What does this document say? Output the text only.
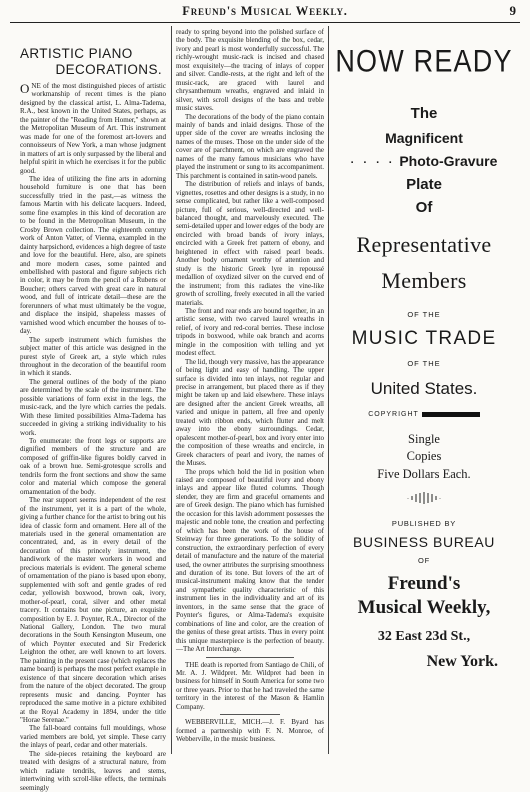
Freund's Musical Weekly.	9
ARTISTIC PIANO
DECORATIONS.

ONE of the most distinguished pieces of artistic workmanship of recent times is the piano designed by the classical artist, L. Alma-Tadema, R.A., best known in the United States, perhaps, as the painter of the "Reading from Homer," shown at the Metropolitan Museum of Art. This instrument was made for one of the foremost art-lovers and connoisseurs of New York, a man whose judgment in matters of art is only surpassed by the liberal and helpful spirit in which he exercises it for the public good.

The idea of utilizing the fine arts in adorning household furniture is one that has been successfully tried in the past,—as witness the famous Martin with his delicate lacquers. Indeed, some fine examples in this kind of decoration are to be found in the Metropolitan Museum, in the Crosby Brown collection. The eighteenth century work of Anton Vatter, of Vienna, exampled in the dainty harpsichord, evidences a high degree of taste and love for the beautiful. Here, also, are spinets and more modern cases, some painted and embellished with pastoral and figure subjects rich in color, it may be from the pencil of a Rubens or Boucher; others carved with great care in natural wood, and full of intricate detail—these are the forerunners of what must ultimately be the vogue, and displace the insipid, shapeless masses of varnished wood which encumber the houses of to-day.

The superb instrument which furnishes the subject matter of this article was designed in the purest style of Greek art, a style which rules throughout in the decoration of the beautiful room in which it stands.

The general outlines of the body of the piano are determined by the scale of the instrument. The possible variations of form exist in the legs, the music-rack, and the lyre which carries the pedals. With these limited possibilities Alma-Tadema has succeeded in giving a striking individuality to his work.

To enumerate: the front legs or supports are dignified members of the structure and are composed of griffin-like figures boldly carved in oak of a brown hue. Semi-grotesque scrolls and tendrils form the front sections and show the same color and material which compose the general ornamentation of the body.

The rear support seems independent of the rest of the instrument, yet it is a part of the whole, giving a further chance for the artist to bring out his idea of classic form and ornament. Here all of the materials used in the general ornamentation are concentrated, and, as in every detail of the decoration of this princely instrument, the handiwork of the master workers in wood and precious materials is evident. The general scheme of ornamentation of the piano is based upon ebony, supplemented with soft and gentle grades of red cedar, yellowish boxwood, brown oak, ivory, mother-of-pearl, coral, silver and other metal tracery. It contains but one picture, an exquisite composition by E. J. Poynter, R.A., Director of the National Gallery, London. The two mural decorations in the South Kensington Museum, one of which Poynter executed and Sir Frederick Leighton the other, are well known to art lovers. The painting in the present case (which replaces the name board) is perhaps the most perfect example in existence of that sincere decoration which arises from the nature of the object decorated. The group represents music and dancing. Poynter has reproduced the same motive in a picture exhibited at the Royal Academy in 1894, under the title "Horae Serenae."

The fall-board contains full mouldings, whose varied members are bold, yet simple. These carry the inlays of pearl, cedar and other materials.

The side-pieces retaining the keyboard are treated with designs of a structural nature, from which radiate tendrils, leaves and stems, intertwining with scroll-like effects, the terminals seemingly

ready to spring beyond into the polished surface of the body. The exquisite blending of the box, cedar, ivory and pearl is most wonderfully successful. The richly-wrought music-rack is incised and chased most exquisitely—the tracing of inlays of copper and silver. Candle-rests, at the right and left of the music-rack, are graced with laurel and chrysanthemum wreaths, engraved and inlaid in silver, with scroll designs of the bass and treble music staves.

The decorations of the body of the piano contain mainly of bands and inlaid designs. Those of the upper side of the cover are wreaths inclosing the names of the muses. Those on the under side of the cover are of parchment, on which are engraved the names of the many famous musicians who have played the instrument or sung to its accompaniment. This parchment is contained in satin-wood panels.

The distribution of reliefs and inlays of bands, vignettes, rosettes and other designs is a study, in no sense complicated, but rather like a well-composed picture, full of serious, well-directed and well-balanced thought, and marvelously executed. The semi-detailed upper and lower edges of the body are encircled with broad bands of ivory inlays, encircled with a Greek fret pattern of ebony, and heightened in effect with raised pearl beads. Another body ornament worthy of attention and study is the historic Greek lyre in repoussé medallion of oxydized silver on the curved end of the instrument; from this radiates the vine-like growth of scrolling, freely executed in all the varied materials.

The front and rear ends are bound together, in an artistic sense, with two carved laurel wreaths in relief, of ivory and red-coral berries. These inclose tripods in boxwood, while oak branch and acorns mingle in the composition with telling and yet modest effect.

The lid, though very massive, has the appearance of being light and easy of handling. The upper surface is divided into ten inlays, not regular and precise in arrangement, but placed there as if they might be taken up and laid elsewhere. These inlays are designed after the ancient Greek wreaths, all varied and unique in pattern, all free and openly treated with ribbon ends, which flutter and melt away into the ebony surroundings. Cedar, opalescent mother-of-pearl, box and ivory enter into the composition of these wreaths and encircle, in Greek characters of pearl and ivory, the names of the Muses.

The props which hold the lid in position when raised are composed of beautiful ivory and ebony inlays and appear like fluted columns. Though slender, they are firm and graceful ornaments and are of Greek design. The piano which has furnished the occasion for this lavish adornment possesses the majestic and noble tone, the creation and perfecting of which has been the work of the house of Steinway for three generations. To the solidity of construction, the extraordinary perfection of every detail of manufacture and the nature of the material used, the owner attributes the surprising smoothness and duration of its tone. But lovers of the art of musical-instrument making know that the tender and sympathetic quality characteristic of this instrument lies in the individuality and art of its inventors, in the same sense that the grace of Poynter's figures, or Alma-Tadema's exquisite combinations of line and color, are the creation of the genius of these great artists. Thus in every point this unique masterpiece is the perfection of beauty.—The Art Interchange.

THE death is reported from Santiago de Chili, of Mr. A. J. Wildpret. Mr. Wildpret had been in business for himself in South America for some two or three years. Prior to that he had traveled the same territory in the interest of the Mason & Hamlin Company.

WEBBERVILLE, MICH.—J. F. Byard has formed a partnership with F. N. Monroe, of Webberville, in the music business.

NOW READY
The
Magnificent
· · · · Photo-Gravure
Plate
Of
Representative
Members
OF THE
MUSIC TRADE
OF THE
United States.
COPYRIGHT
Single
Copies
Five Dollars Each.
PUBLISHED BY
BUSINESS BUREAU
OF
Freund's
Musical Weekly,
32 East 23d St.,
New York.
